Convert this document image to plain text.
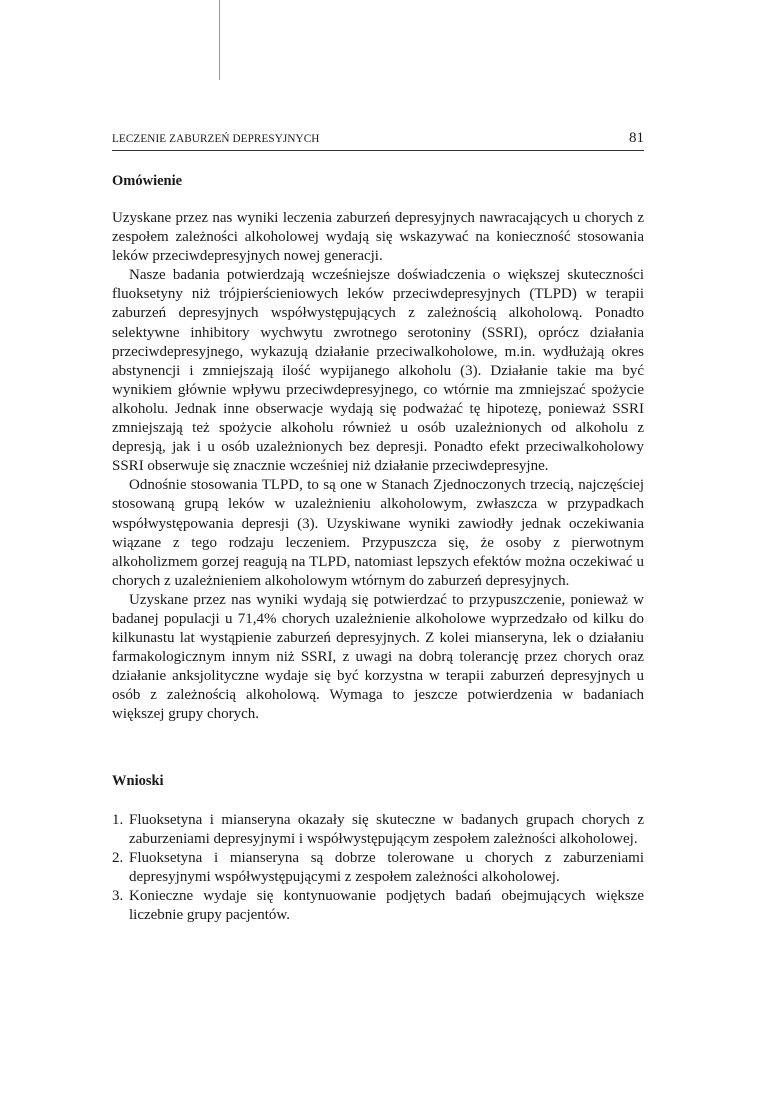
LECZENIE ZABURZEŃ DEPRESYJNYCH	81
Omówienie

Uzyskane przez nas wyniki leczenia zaburzeń depresyjnych nawracających u chorych z zespołem zależności alkoholowej wydają się wskazywać na konieczność stosowania leków przeciwdepresyjnych nowej generacji.

Nasze badania potwierdzają wcześniejsze doświadczenia o większej skuteczności fluoksetyny niż trójpierścieniowych leków przeciwdepresyjnych (TLPD) w terapii zaburzeń depresyjnych współwystępujących z zależnością alkoholową. Ponadto selektywne inhibitory wychwytu zwrotnego serotoniny (SSRI), oprócz działania przeciwdepresyjnego, wykazują działanie przeciwalkoholowe, m.in. wydłużają okres abstynencji i zmniejszają ilość wypijanego alkoholu (3). Działanie takie ma być wynikiem głównie wpływu przeciwdepresyjnego, co wtórnie ma zmniejszać spożycie alkoholu. Jednak inne obserwacje wydają się podważać tę hipotezę, ponieważ SSRI zmniejszają też spożycie alkoholu również u osób uzależnionych od alkoholu z depresją, jak i u osób uzależnionych bez depresji. Ponadto efekt przeciwalkoholowy SSRI obserwuje się znacznie wcześniej niż działanie przeciwdepresyjne.

Odnośnie stosowania TLPD, to są one w Stanach Zjednoczonych trzecią, najczęściej stosowaną grupą leków w uzależnieniu alkoholowym, zwłaszcza w przypadkach współwystępowania depresji (3). Uzyskiwane wyniki zawiodły jednak oczekiwania wiązane z tego rodzaju leczeniem. Przypuszcza się, że osoby z pierwotnym alkoholizmem gorzej reagują na TLPD, natomiast lepszych efektów można oczekiwać u chorych z uzależnieniem alkoholowym wtórnym do zaburzeń depresyjnych.

Uzyskane przez nas wyniki wydają się potwierdzać to przypuszczenie, ponieważ w badanej populacji u 71,4% chorych uzależnienie alkoholowe wyprzedzało od kilku do kilkunastu lat wystąpienie zaburzeń depresyjnych. Z kolei mianseryna, lek o działaniu farmakologicznym innym niż SSRI, z uwagi na dobrą tolerancję przez chorych oraz działanie anksjolityczne wydaje się być korzystna w terapii zaburzeń depresyjnych u osób z zależnością alkoholową. Wymaga to jeszcze potwierdzenia w badaniach większej grupy chorych.

Wnioski
1. Fluoksetyna i mianseryna okazały się skuteczne w badanych grupach chorych z zaburzeniami depresyjnymi i współwystępującym zespołem zależności alkoholowej.
2. Fluoksetyna i mianseryna są dobrze tolerowane u chorych z zaburzeniami depresyjnymi współwystępującymi z zespołem zależności alkoholowej.
3. Konieczne wydaje się kontynuowanie podjętych badań obejmujących większe liczebnie grupy pacjentów.
